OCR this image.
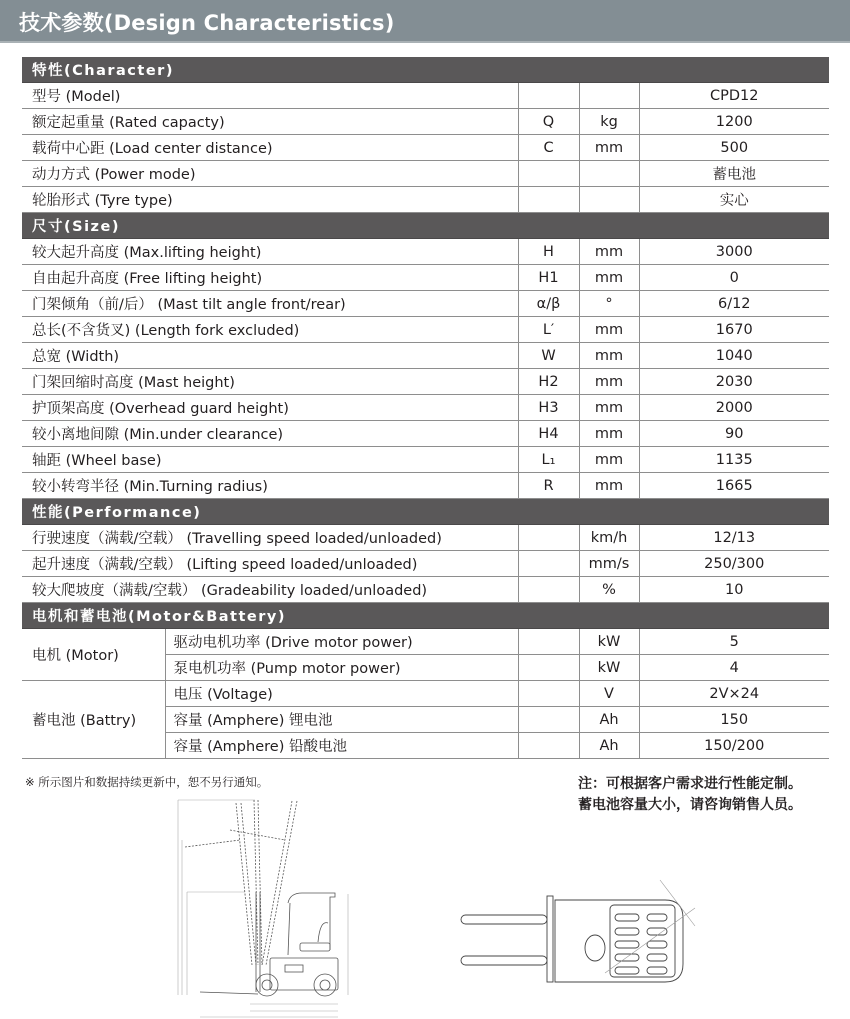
技术参数(Design Characteristics)
特性(Character)				
型号 (Model)				CPD12
额定起重量 (Rated capacty)		Q	kg	1200
载荷中心距 (Load center distance)		C	mm	500
动力方式 (Power mode)				蓄电池
轮胎形式 (Tyre type)				实心
尺寸(Size)				
较大起升高度 (Max.lifting height)		H	mm	3000
自由起升高度 (Free lifting height)		H1	mm	0
门架倾角（前/后） (Mast tilt angle front/rear)		α/β	°	6/12
总长(不含货叉) (Length fork excluded)		L′	mm	1670
总宽 (Width)		W	mm	1040
门架回缩时高度 (Mast height)		H2	mm	2030
护顶架高度 (Overhead guard height)		H3	mm	2000
较小离地间隙 (Min.under clearance)		H4	mm	90
轴距 (Wheel base)		L₁	mm	1135
较小转弯半径 (Min.Turning radius)		R	mm	1665
性能(Performance)				
行驶速度（满载/空载） (Travelling speed loaded/unloaded)			km/h	12/13
起升速度（满载/空载） (Lifting speed loaded/unloaded)			mm/s	250/300
较大爬坡度（满载/空载） (Gradeability loaded/unloaded)			%	10
电机和蓄电池(Motor&Battery)				
电机 (Motor)	驱动电机功率 (Drive motor power)		kW	5
	泵电机功率 (Pump motor power)		kW	4
蓄电池 (Battry)	电压 (Voltage)		V	2V×24
	容量 (Amphere) 锂电池		Ah	150
	容量 (Amphere) 铅酸电池		Ah	150/200
※ 所示图片和数据持续更新中，恕不另行通知。	注：可根据客户需求进行性能定制。
蓄电池容量大小，请咨询销售人员。
